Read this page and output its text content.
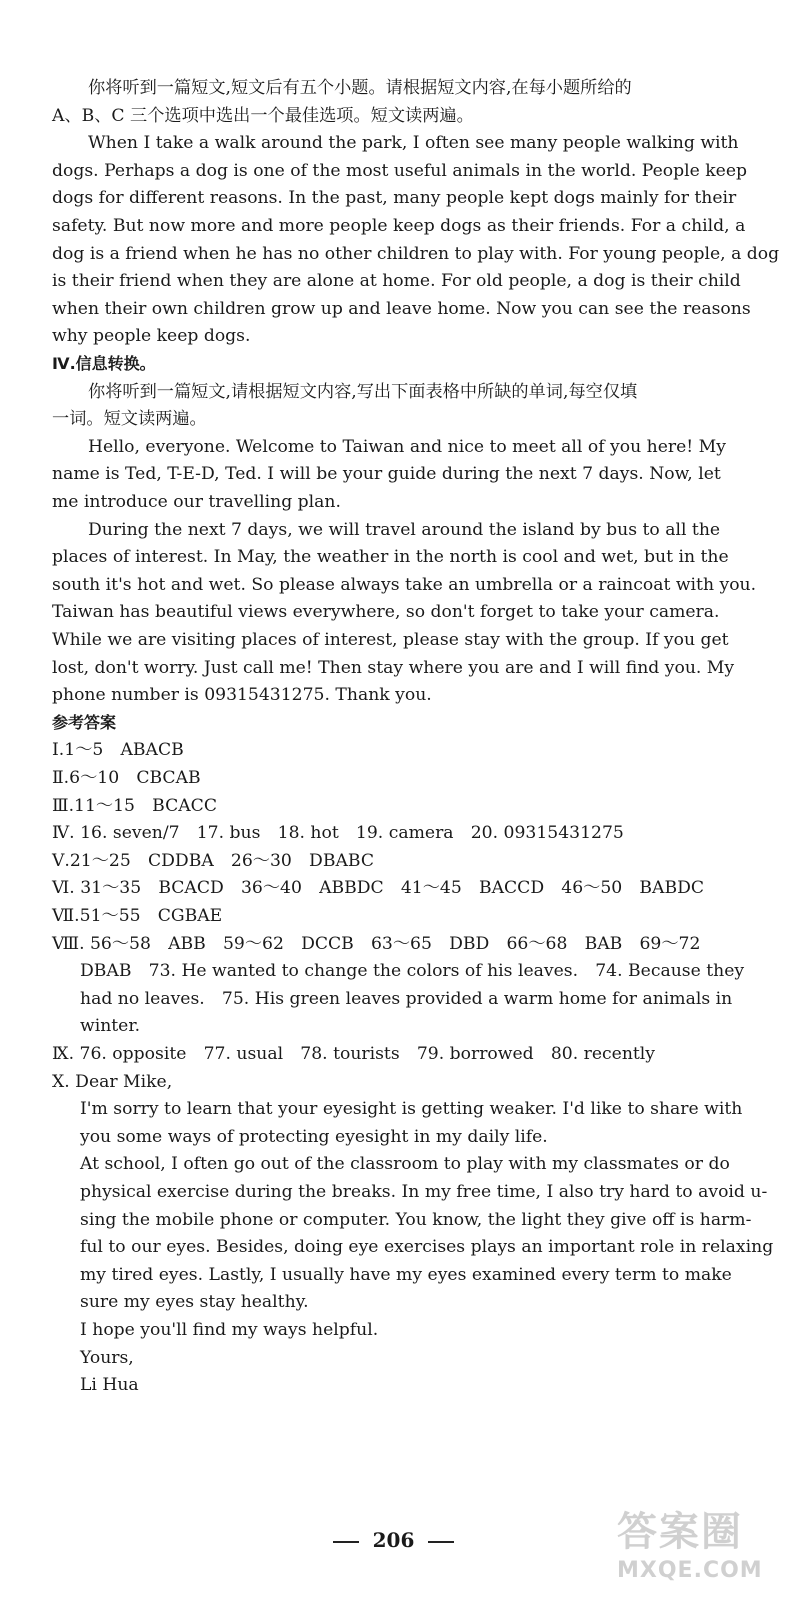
你将听到一篇短文,短文后有五个小题。请根据短文内容,在每小题所给的
A、B、C 三个选项中选出一个最佳选项。短文读两遍。
When I take a walk around the park, I often see many people walking with
dogs. Perhaps a dog is one of the most useful animals in the world. People keep
dogs for different reasons. In the past, many people kept dogs mainly for their
safety. But now more and more people keep dogs as their friends. For a child, a
dog is a friend when he has no other children to play with. For young people, a dog
is their friend when they are alone at home. For old people, a dog is their child
when their own children grow up and leave home. Now you can see the reasons
why people keep dogs.
Ⅳ.信息转换。
你将听到一篇短文,请根据短文内容,写出下面表格中所缺的单词,每空仅填
一词。短文读两遍。
Hello, everyone. Welcome to Taiwan and nice to meet all of you here! My
name is Ted, T-E-D, Ted. I will be your guide during the next 7 days. Now, let
me introduce our travelling plan.
During the next 7 days, we will travel around the island by bus to all the
places of interest. In May, the weather in the north is cool and wet, but in the
south it's hot and wet. So please always take an umbrella or a raincoat with you.
Taiwan has beautiful views everywhere, so don't forget to take your camera.
While we are visiting places of interest, please stay with the group. If you get
lost, don't worry. Just call me! Then stay where you are and I will find you. My
phone number is 09315431275. Thank you.
参考答案
Ⅰ.1～5　ABACB
Ⅱ.6～10　CBCAB
Ⅲ.11～15　BCACC
Ⅳ. 16. seven/7　17. bus　18. hot　19. camera　20. 09315431275
Ⅴ.21～25　CDDBA　26～30　DBABC
Ⅵ. 31～35　BCACD　36～40　ABBDC　41～45　BACCD　46～50　BABDC
Ⅶ.51～55　CGBAE
Ⅷ. 56～58　ABB　59～62　DCCB　63～65　DBD　66～68　BAB　69～72
DBAB　73. He wanted to change the colors of his leaves.　74. Because they
had no leaves.　75. His green leaves provided a warm home for animals in
winter.
Ⅸ. 76. opposite　77. usual　78. tourists　79. borrowed　80. recently
Ⅹ. Dear Mike,
I'm sorry to learn that your eyesight is getting weaker. I'd like to share with
you some ways of protecting eyesight in my daily life.
At school, I often go out of the classroom to play with my classmates or do
physical exercise during the breaks. In my free time, I also try hard to avoid u-
sing the mobile phone or computer. You know, the light they give off is harm-
ful to our eyes. Besides, doing eye exercises plays an important role in relaxing
my tired eyes. Lastly, I usually have my eyes examined every term to make
sure my eyes stay healthy.
I hope you'll find my ways helpful.
Yours,
Li Hua
206	答案圈
MXQE.COM
